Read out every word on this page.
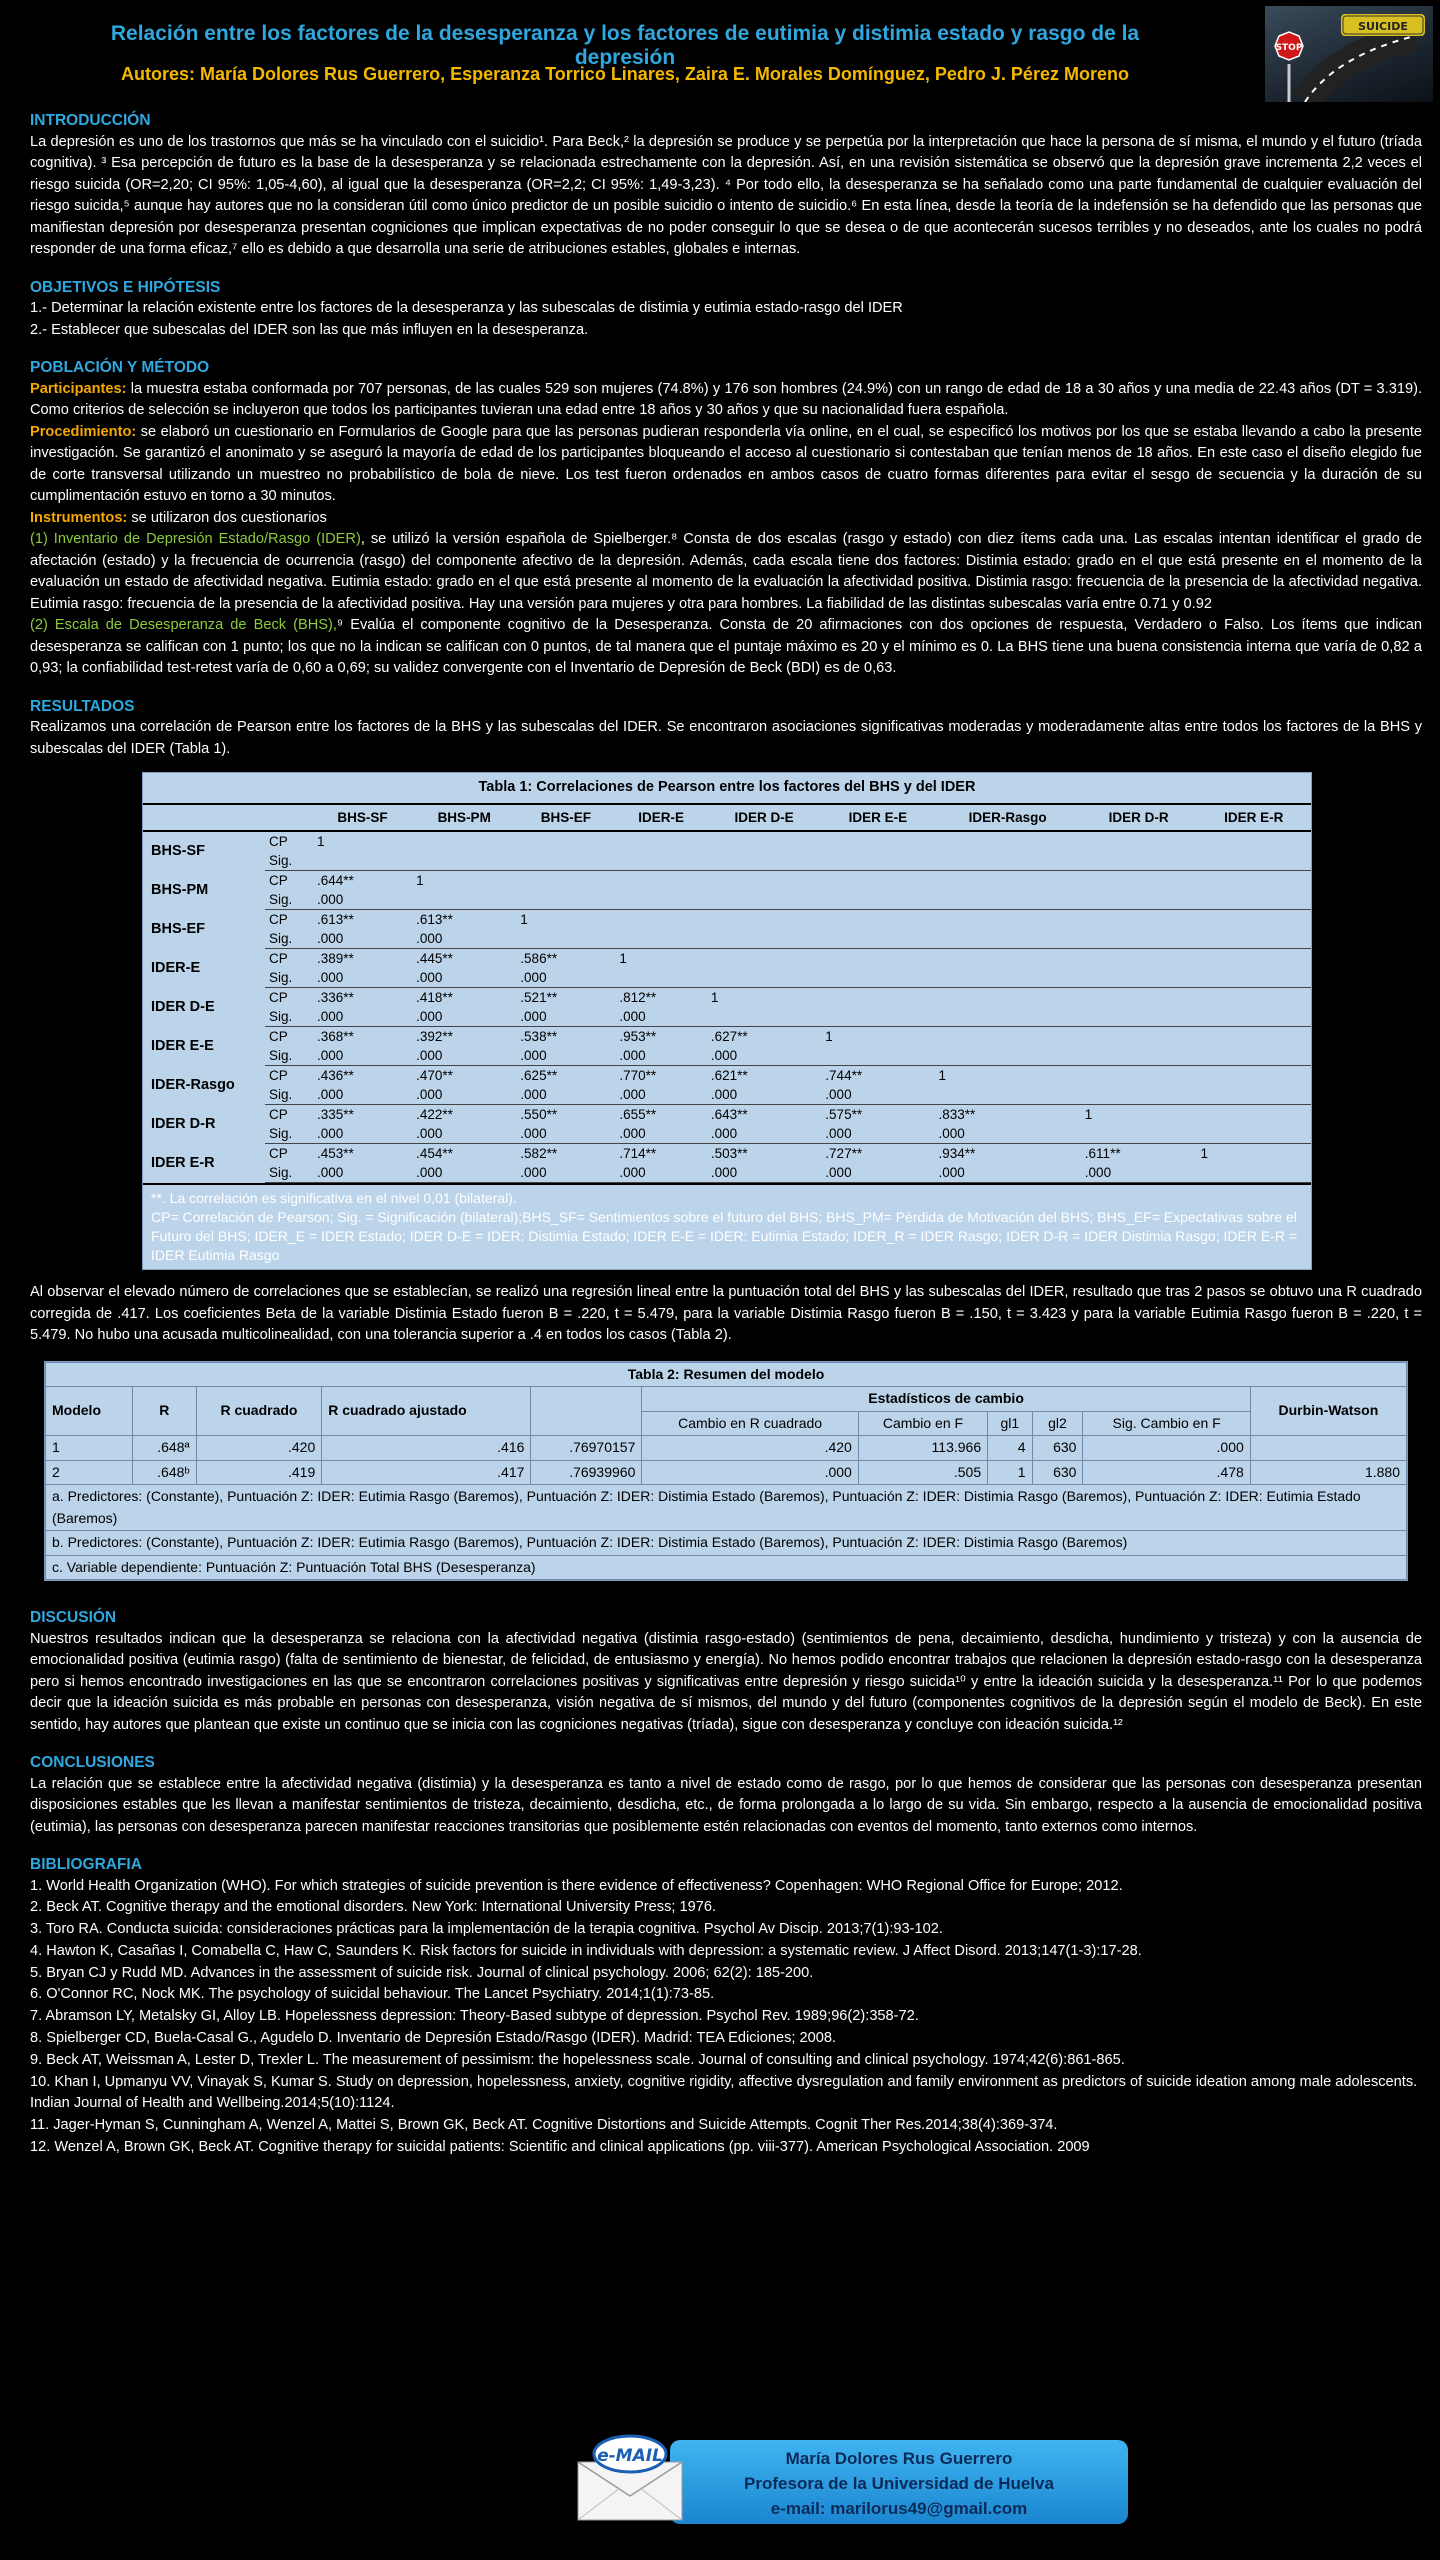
Relación entre los factores de la desesperanza y los factores de eutimia y distimia estado y rasgo de la depresión
Autores: María Dolores Rus Guerrero, Esperanza Torrico Linares, Zaira E. Morales Domínguez, Pedro J. Pérez Moreno
SUICIDE
STOP
INTRODUCCIÓN

La depresión es uno de los trastornos que más se ha vinculado con el suicidio¹. Para Beck,² la depresión se produce y se perpetúa por la interpretación que hace la persona de sí misma, el mundo y el futuro (tríada cognitiva). ³ Esa percepción de futuro es la base de la desesperanza y se relacionada estrechamente con la depresión. Así, en una revisión sistemática se observó que la depresión grave incrementa 2,2 veces el riesgo suicida (OR=2,20; CI 95%: 1,05-4,60), al igual que la desesperanza (OR=2,2; CI 95%: 1,49-3,23). ⁴ Por todo ello, la desesperanza se ha señalado como una parte fundamental de cualquier evaluación del riesgo suicida,⁵ aunque hay autores que no la consideran útil como único predictor de un posible suicidio o intento de suicidio.⁶ En esta línea, desde la teoría de la indefensión se ha defendido que las personas que manifiestan depresión por desesperanza presentan cogniciones que implican expectativas de no poder conseguir lo que se desea o de que acontecerán sucesos terribles y no deseados, ante los cuales no podrá responder de una forma eficaz,⁷ ello es debido a que desarrolla una serie de atribuciones estables, globales e internas.

OBJETIVOS E HIPÓTESIS
1.- Determinar la relación existente entre los factores de la desesperanza y las subescalas de distimia y eutimia estado-rasgo del IDER
2.- Establecer que subescalas del IDER son las que más influyen en la desesperanza.
POBLACIÓN Y MÉTODO

Participantes: la muestra estaba conformada por 707 personas, de las cuales 529 son mujeres (74.8%) y 176 son hombres (24.9%) con un rango de edad de 18 a 30 años y una media de 22.43 años (DT = 3.319). Como criterios de selección se incluyeron que todos los participantes tuvieran una edad entre 18 años y 30 años y que su nacionalidad fuera española.

Procedimiento: se elaboró un cuestionario en Formularios de Google para que las personas pudieran responderla vía online, en el cual, se especificó los motivos por los que se estaba llevando a cabo la presente investigación. Se garantizó el anonimato y se aseguró la mayoría de edad de los participantes bloqueando el acceso al cuestionario si contestaban que tenían menos de 18 años. En este caso el diseño elegido fue de corte transversal utilizando un muestreo no probabilístico de bola de nieve. Los test fueron ordenados en ambos casos de cuatro formas diferentes para evitar el sesgo de secuencia y la duración de su cumplimentación estuvo en torno a 30 minutos.

Instrumentos: se utilizaron dos cuestionarios

(1) Inventario de Depresión Estado/Rasgo (IDER), se utilizó la versión española de Spielberger.⁸ Consta de dos escalas (rasgo y estado) con diez ítems cada una. Las escalas intentan identificar el grado de afectación (estado) y la frecuencia de ocurrencia (rasgo) del componente afectivo de la depresión. Además, cada escala tiene dos factores: Distimia estado: grado en el que está presente en el momento de la evaluación un estado de afectividad negativa. Eutimia estado: grado en el que está presente al momento de la evaluación la afectividad positiva. Distimia rasgo: frecuencia de la presencia de la afectividad negativa. Eutimia rasgo: frecuencia de la presencia de la afectividad positiva. Hay una versión para mujeres y otra para hombres. La fiabilidad de las distintas subescalas varía entre 0.71 y 0.92

(2) Escala de Desesperanza de Beck (BHS),⁹ Evalúa el componente cognitivo de la Desesperanza. Consta de 20 afirmaciones con dos opciones de respuesta, Verdadero o Falso. Los ítems que indican desesperanza se califican con 1 punto; los que no la indican se califican con 0 puntos, de tal manera que el puntaje máximo es 20 y el mínimo es 0. La BHS tiene una buena consistencia interna que varía de 0,82 a 0,93; la confiabilidad test-retest varía de 0,60 a 0,69; su validez convergente con el Inventario de Depresión de Beck (BDI) es de 0,63.

RESULTADOS

Realizamos una correlación de Pearson entre los factores de la BHS y las subescalas del IDER. Se encontraron asociaciones significativas moderadas y moderadamente altas entre todos los factores de la BHS y subescalas del IDER (Tabla 1).

Tabla 1: Correlaciones de Pearson entre los factores del BHS y del IDER
		BHS-SF	BHS-PM	BHS-EF	IDER-E	IDER D-E	IDER E-E	IDER-Rasgo	IDER D-R	IDER E-R
BHS-SF	CP	1								
	Sig.									
BHS-PM	CP	.644**	1							
	Sig.	.000								
BHS-EF	CP	.613**	.613**	1						
	Sig.	.000	.000							
IDER-E	CP	.389**	.445**	.586**	1					
	Sig.	.000	.000	.000						
IDER D-E	CP	.336**	.418**	.521**	.812**	1				
	Sig.	.000	.000	.000	.000					
IDER E-E	CP	.368**	.392**	.538**	.953**	.627**	1			
	Sig.	.000	.000	.000	.000	.000				
IDER-Rasgo	CP	.436**	.470**	.625**	.770**	.621**	.744**	1		
	Sig.	.000	.000	.000	.000	.000	.000			
IDER D-R	CP	.335**	.422**	.550**	.655**	.643**	.575**	.833**	1	
	Sig.	.000	.000	.000	.000	.000	.000	.000		
IDER E-R	CP	.453**	.454**	.582**	.714**	.503**	.727**	.934**	.611**	1
	Sig.	.000	.000	.000	.000	.000	.000	.000	.000	
**. La correlación es significativa en el nivel 0,01 (bilateral).
CP= Correlación de Pearson; Sig. = Significación (bilateral);BHS_SF= Sentimientos sobre el futuro del BHS; BHS_PM= Pérdida de Motivación del BHS; BHS_EF= Expectativas sobre el Futuro del BHS; IDER_E = IDER Estado; IDER D-E = IDER: Distimia Estado; IDER E-E = IDER: Eutimia Estado; IDER_R = IDER Rasgo; IDER D-R = IDER Distimia Rasgo; IDER E-R = IDER Eutimia Rasgo

Al observar el elevado número de correlaciones que se establecían, se realizó una regresión lineal entre la puntuación total del BHS y las subescalas del IDER, resultado que tras 2 pasos se obtuvo una R cuadrado corregida de .417. Los coeficientes Beta de la variable Distimia Estado fueron B = .220, t = 5.479, para la variable Distimia Rasgo fueron B = .150, t = 3.423 y para la variable Eutimia Rasgo fueron B = .220, t = 5.479. No hubo una acusada multicolinealidad, con una tolerancia superior a .4 en todos los casos (Tabla 2).

Tabla 2: Resumen del modelo										
Modelo	R	R cuadrado	R cuadrado ajustado		Estadísticos de cambio					Durbin-Watson
					Cambio en R cuadrado	Cambio en F	gl1	gl2	Sig. Cambio en F	
1	.648ª	.420	.416	.76970157	.420	113.966	4	630	.000	
2	.648ᵇ	.419	.417	.76939960	.000	.505	1	630	.478	1.880
a. Predictores: (Constante), Puntuación Z: IDER: Eutimia Rasgo (Baremos), Puntuación Z: IDER: Distimia Estado (Baremos), Puntuación Z: IDER: Distimia Rasgo (Baremos), Puntuación Z: IDER: Eutimia Estado (Baremos)										
b. Predictores: (Constante), Puntuación Z: IDER: Eutimia Rasgo (Baremos), Puntuación Z: IDER: Distimia Estado (Baremos), Puntuación Z: IDER: Distimia Rasgo (Baremos)										
c. Variable dependiente: Puntuación Z: Puntuación Total BHS (Desesperanza)										
DISCUSIÓN

Nuestros resultados indican que la desesperanza se relaciona con la afectividad negativa (distimia rasgo-estado) (sentimientos de pena, decaimiento, desdicha, hundimiento y tristeza) y con la ausencia de emocionalidad positiva (eutimia rasgo) (falta de sentimiento de bienestar, de felicidad, de entusiasmo y energía). No hemos podido encontrar trabajos que relacionen la depresión estado-rasgo con la desesperanza pero si hemos encontrado investigaciones en las que se encontraron correlaciones positivas y significativas entre depresión y riesgo suicida¹⁰ y entre la ideación suicida y la desesperanza.¹¹ Por lo que podemos decir que la ideación suicida es más probable en personas con desesperanza, visión negativa de sí mismos, del mundo y del futuro (componentes cognitivos de la depresión según el modelo de Beck). En este sentido, hay autores que plantean que existe un continuo que se inicia con las cogniciones negativas (tríada), sigue con desesperanza y concluye con ideación suicida.¹²

CONCLUSIONES

La relación que se establece entre la afectividad negativa (distimia) y la desesperanza es tanto a nivel de estado como de rasgo, por lo que hemos de considerar que las personas con desesperanza presentan disposiciones estables que les llevan a manifestar sentimientos de tristeza, decaimiento, desdicha, etc., de forma prolongada a lo largo de su vida. Sin embargo, respecto a la ausencia de emocionalidad positiva (eutimia), las personas con desesperanza parecen manifestar reacciones transitorias que posiblemente estén relacionadas con eventos del momento, tanto externos como internos.

BIBLIOGRAFIA
1. World Health Organization (WHO). For which strategies of suicide prevention is there evidence of effectiveness? Copenhagen: WHO Regional Office for Europe; 2012.
2. Beck AT. Cognitive therapy and the emotional disorders. New York: International University Press; 1976.
3. Toro RA. Conducta suicida: consideraciones prácticas para la implementación de la terapia cognitiva. Psychol Av Discip. 2013;7(1):93-102.
4. Hawton K, Casañas I, Comabella C, Haw C, Saunders K. Risk factors for suicide in individuals with depression: a systematic review. J Affect Disord. 2013;147(1-3):17-28.
5. Bryan CJ y Rudd MD. Advances in the assessment of suicide risk. Journal of clinical psychology. 2006; 62(2): 185-200.
6. O'Connor RC, Nock MK. The psychology of suicidal behaviour. The Lancet Psychiatry. 2014;1(1):73-85.
7. Abramson LY, Metalsky GI, Alloy LB. Hopelessness depression: Theory-Based subtype of depression. Psychol Rev. 1989;96(2):358-72.
8. Spielberger CD, Buela-Casal G., Agudelo D. Inventario de Depresión Estado/Rasgo (IDER). Madrid: TEA Ediciones; 2008.
9. Beck AT, Weissman A, Lester D, Trexler L. The measurement of pessimism: the hopelessness scale. Journal of consulting and clinical psychology. 1974;42(6):861-865.
10. Khan I, Upmanyu VV, Vinayak S, Kumar S. Study on depression, hopelessness, anxiety, cognitive rigidity, affective dysregulation and family environment as predictors of suicide ideation among male adolescents. Indian Journal of Health and Wellbeing.2014;5(10):1124.
11. Jager-Hyman S, Cunningham A, Wenzel A, Mattei S, Brown GK, Beck AT. Cognitive Distortions and Suicide Attempts. Cognit Ther Res.2014;38(4):369-374.
12. Wenzel A, Brown GK, Beck AT. Cognitive therapy for suicidal patients: Scientific and clinical applications (pp. viii-377). American Psychological Association. 2009
María Dolores Rus Guerrero
Profesora de la Universidad de Huelva
e-mail: marilorus49@gmail.com
e-MAIL
